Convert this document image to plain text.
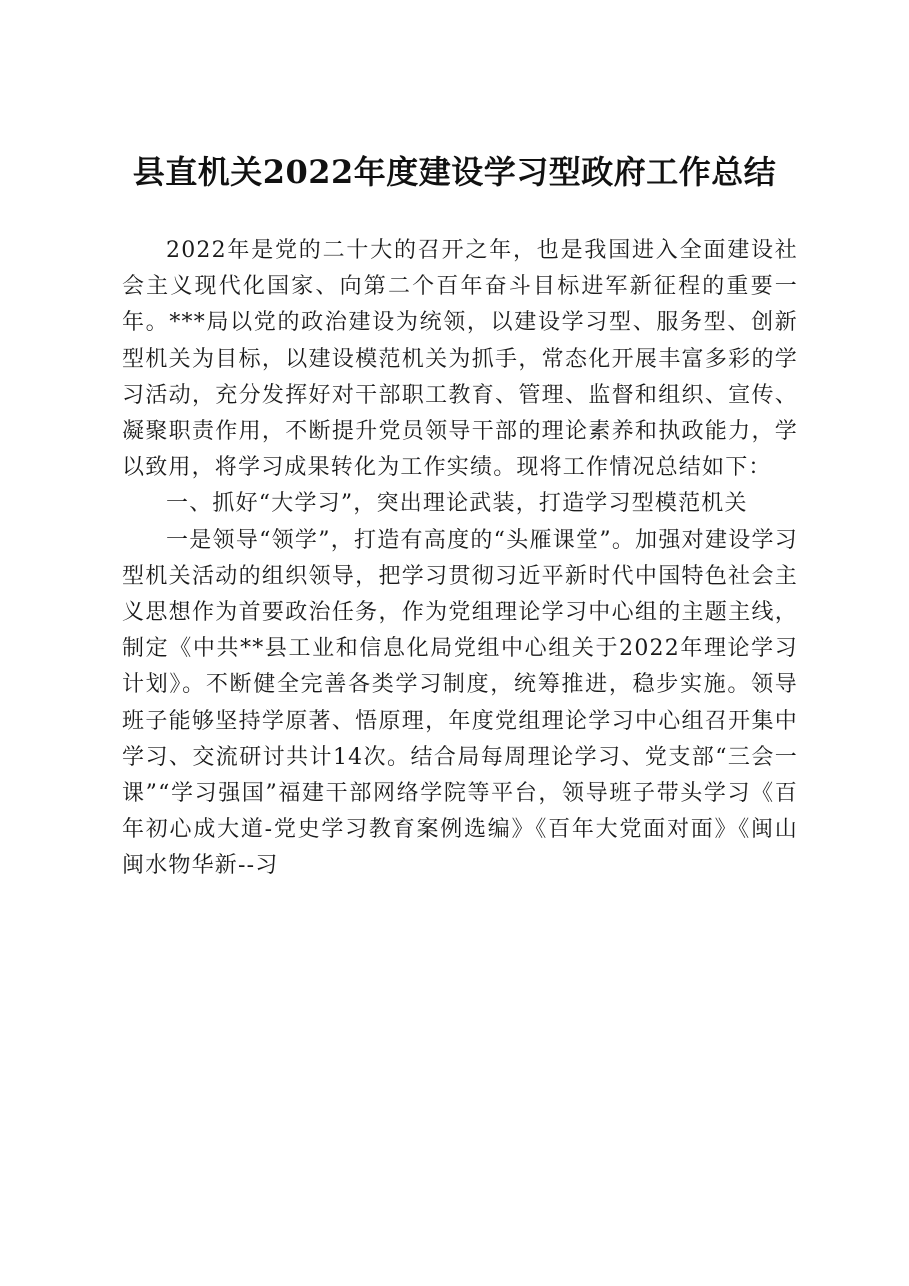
县直机关2022年度建设学习型政府工作总结

2022年是党的二十大的召开之年，也是我国进入全面建设社会主义现代化国家、向第二个百年奋斗目标进军新征程的重要一年。***局以党的政治建设为统领，以建设学习型、服务型、创新型机关为目标，以建设模范机关为抓手，常态化开展丰富多彩的学习活动，充分发挥好对干部职工教育、管理、监督和组织、宣传、凝聚职责作用，不断提升党员领导干部的理论素养和执政能力，学以致用，将学习成果转化为工作实绩。现将工作情况总结如下：

一、抓好“大学习”，突出理论武装，打造学习型模范机关

一是领导“领学”，打造有高度的“头雁课堂”。加强对建设学习型机关活动的组织领导，把学习贯彻习近平新时代中国特色社会主义思想作为首要政治任务，作为党组理论学习中心组的主题主线，制定《中共**县工业和信息化局党组中心组关于2022年理论学习计划》。不断健全完善各类学习制度，统筹推进，稳步实施。领导班子能够坚持学原著、悟原理，年度党组理论学习中心组召开集中学习、交流研讨共计14次。结合局每周理论学习、党支部“三会一课”“学习强国”福建干部网络学院等平台，领导班子带头学习《百年初心成大道-党史学习教育案例选编》《百年大党面对面》《闽山闽水物华新--习
